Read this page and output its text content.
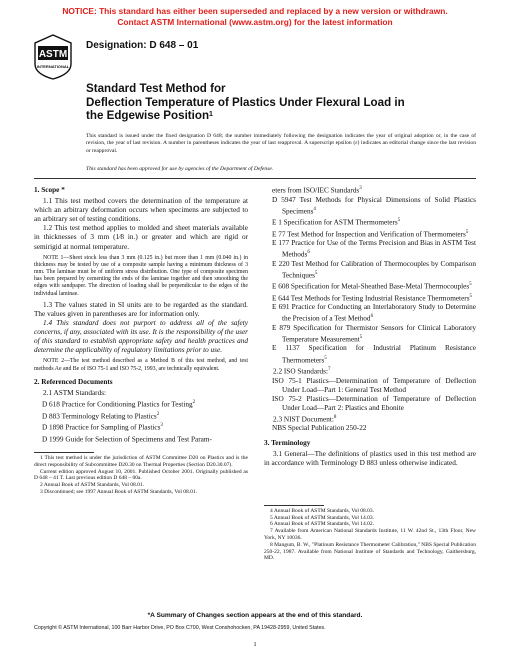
NOTICE: This standard has either been superseded and replaced by a new version or withdrawn.
Contact ASTM International (www.astm.org) for the latest information
ASTM
INTERNATIONAL
Designation: D 648 – 01
Standard Test Method for
Deflection Temperature of Plastics Under Flexural Load in
the Edgewise Position$^1$
This standard is issued under the fixed designation D 648; the number immediately following the designation indicates the year of original adoption or, in the case of revision, the year of last revision. A number in parentheses indicates the year of last reapproval. A superscript epsilon (ε) indicates an editorial change since the last revision or reapproval.
This standard has been approved for use by agencies of the Department of Defense.

1. Scope *

1.1 This test method covers the determination of the temperature at which an arbitrary deformation occurs when specimens are subjected to an arbitrary set of testing conditions.

1.2 This test method applies to molded and sheet materials available in thicknesses of 3 mm (1⁄8 in.) or greater and which are rigid or semirigid at normal temperature.

NOTE 1—Sheet stock less than 3 mm (0.125 in.) but more than 1 mm (0.040 in.) in thickness may be tested by use of a composite sample having a minimum thickness of 3 mm. The laminae must be of uniform stress distribution. One type of composite specimen has been prepared by cementing the ends of the laminae together and then smoothing the edges with sandpaper. The direction of loading shall be perpendicular to the edges of the individual laminae.

1.3 The values stated in SI units are to be regarded as the standard. The values given in parentheses are for information only.

1.4 This standard does not purport to address all of the safety concerns, if any, associated with its use. It is the responsibility of the user of this standard to establish appropriate safety and health practices and determine the applicability of regulatory limitations prior to use.

NOTE 2—The test method described as a Method B of this test method, and test methods Ae and Be of ISO 75-1 and ISO 75-2, 1993, are technically equivalent.

2. Referenced Documents

2.1 ASTM Standards:

D 618 Practice for Conditioning Plastics for Testing$^2$

D 883 Terminology Relating to Plastics$^2$

D 1898 Practice for Sampling of Plastics$^3$

D 1999 Guide for Selection of Specimens and Test Param-

1 This test method is under the jurisdiction of ASTM Committee D20 on Plastics and is the direct responsibility of Subcommittee D20.30 on Thermal Properties (Section D20.30.07).

Current edition approved August 10, 2001. Published October 2001. Originally published as D 648 – 41 T. Last previous edition D 648 – 00a.

2 Annual Book of ASTM Standards, Vol 08.01.

3 Discontinued; see 1997 Annual Book of ASTM Standards, Vol 08.01.

eters from ISO/IEC Standards$^3$

D 5947 Test Methods for Physical Dimensions of Solid Plastics Specimens$^4$

E 1 Specification for ASTM Thermometers$^5$

E 77 Test Method for Inspection and Verification of Thermometers$^5$

E 177 Practice for Use of the Terms Precision and Bias in ASTM Test Methods$^6$

E 220 Test Method for Calibration of Thermocouples by Comparison Techniques$^5$

E 608 Specification for Metal-Sheathed Base-Metal Thermocouples$^5$

E 644 Test Methods for Testing Industrial Resistance Thermometers$^5$

E 691 Practice for Conducting an Interlaboratory Study to Determine the Precision of a Test Method$^6$

E 879 Specification for Thermistor Sensors for Clinical Laboratory Temperature Measurement$^5$

E 1137 Specification for Industrial Platinum Resistance Thermometers$^5$

2.2 ISO Standards:$^7$

ISO 75-1 Plastics—Determination of Temperature of Deflection Under Load—Part 1: General Test Method

ISO 75-2 Plastics—Determination of Temperature of Deflection Under Load—Part 2: Plastics and Ebonite

2.3 NIST Document:$^8$

NBS Special Publication 250-22

3. Terminology

3.1 General—The definitions of plastics used in this test method are in accordance with Terminology D 883 unless otherwise indicated.

4 Annual Book of ASTM Standards, Vol 08.03.

5 Annual Book of ASTM Standards, Vol 14.03.

6 Annual Book of ASTM Standards, Vol 14.02.

7 Available from American National Standards Institute, 11 W. 42nd St., 13th Floor, New York, NY 10036.

8 Mangum, B. W., "Platinum Resistance Thermometer Calibration," NBS Special Publication 250-22, 1987. Available from National Institute of Standards and Technology, Gaithersburg, MD.

*A Summary of Changes section appears at the end of this standard.
Copyright © ASTM International, 100 Barr Harbor Drive, PO Box C700, West Conshohocken, PA 19428-2959, United States.
1
